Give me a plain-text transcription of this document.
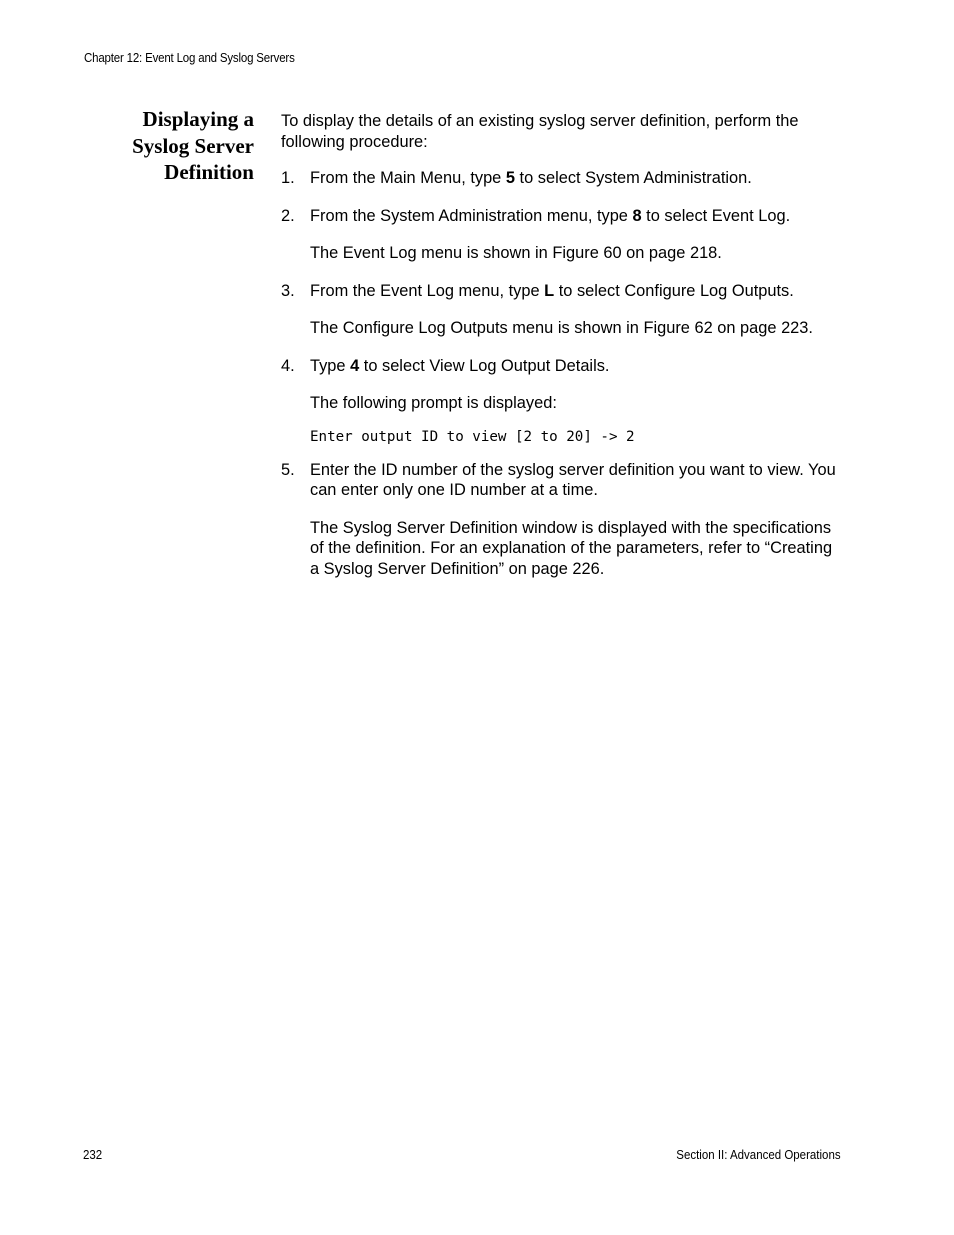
Chapter 12: Event Log and Syslog Servers
Displaying a
Syslog Server
Definition

To display the details of an existing syslog server definition, perform the following procedure:

1. From the Main Menu, type 5 to select System Administration.

2. From the System Administration menu, type 8 to select Event Log.

The Event Log menu is shown in Figure 60 on page 218.

3. From the Event Log menu, type L to select Configure Log Outputs.

The Configure Log Outputs menu is shown in Figure 62 on page 223.

4. Type 4 to select View Log Output Details.

The following prompt is displayed:

Enter output ID to view [2 to 20] -> 2

5. Enter the ID number of the syslog server definition you want to view. You can enter only one ID number at a time.

The Syslog Server Definition window is displayed with the specifications of the definition. For an explanation of the parameters, refer to “Creating a Syslog Server Definition” on page 226.

232	Section II: Advanced Operations
